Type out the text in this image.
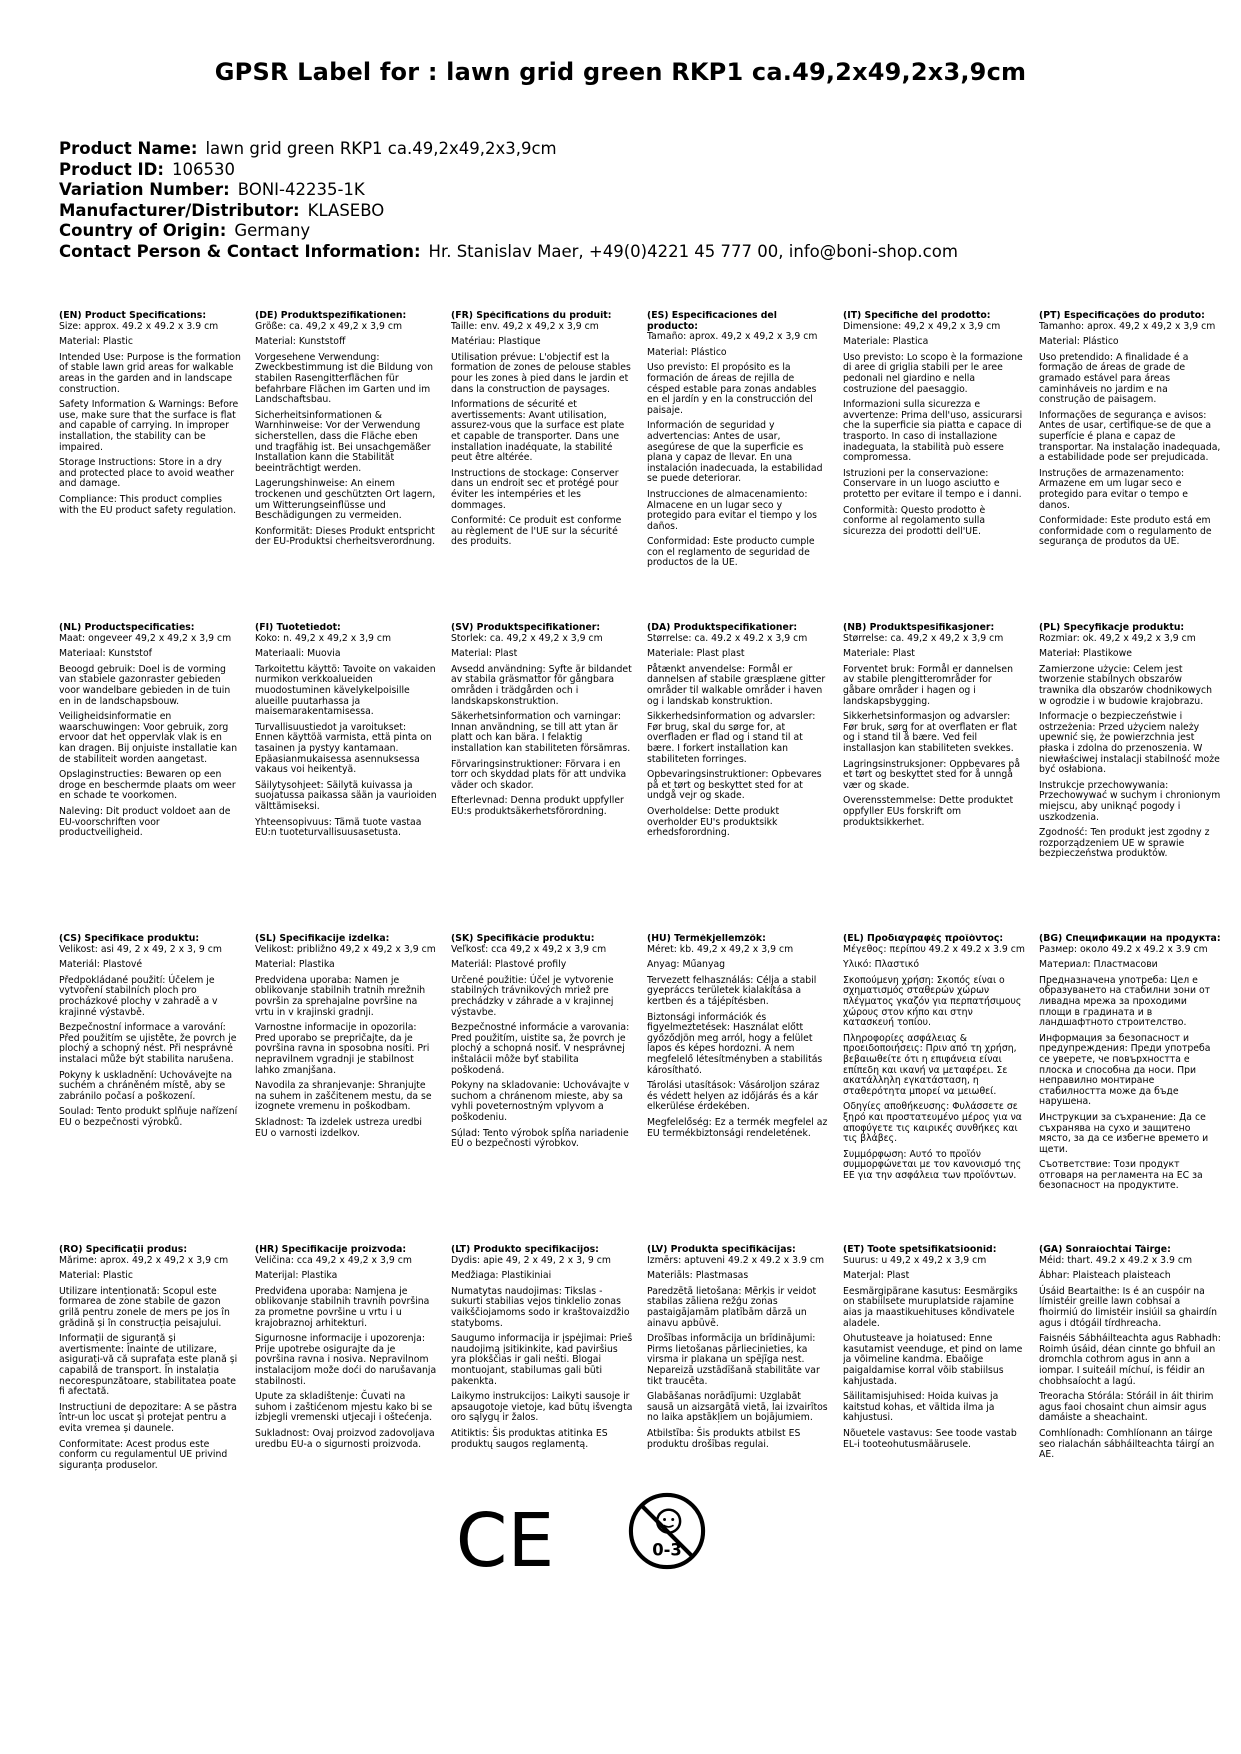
GPSR Label for : lawn grid green RKP1 ca.49,2x49,2x3,9cm
Product Name: lawn grid green RKP1 ca.49,2x49,2x3,9cm
Product ID: 106530
Variation Number: BONI-42235-1K
Manufacturer/Distributor: KLASEBO
Country of Origin: Germany
Contact Person & Contact Information: Hr. Stanislav Maer, +49(0)4221 45 777 00, info@boni-shop.com
(EN) Product Specifications:

Size: approx. 49.2 x 49.2 x 3.9 cm

Material: Plastic

Intended Use: Purpose is the formation of stable lawn grid areas for walkable areas in the garden and in landscape construction.

Safety Information & Warnings: Before use, make sure that the surface is flat and capable of carrying. In improper installation, the stability can be impaired.

Storage Instructions: Store in a dry and protected place to avoid weather and damage.

Compliance: This product complies with the EU product safety regulation.

(DE) Produktspezifikationen:

Größe: ca. 49,2 x 49,2 x 3,9 cm

Material: Kunststoff

Vorgesehene Verwendung: Zweckbestimmung ist die Bildung von stabilen Rasengitterflächen für befahrbare Flächen im Garten und im Landschaftsbau.

Sicherheitsinformationen & Warnhinweise: Vor der Verwendung sicherstellen, dass die Fläche eben und tragfähig ist. Bei unsachgemäßer Installation kann die Stabilität beeinträchtigt werden.

Lagerungshinweise: An einem trockenen und geschützten Ort lagern, um Witterungseinflüsse und Beschädigungen zu vermeiden.

Konformität: Dieses Produkt entspricht der EU-Produktsi cherheitsverordnung.

(FR) Spécifications du produit:

Taille: env. 49,2 x 49,2 x 3,9 cm

Matériau: Plastique

Utilisation prévue: L'objectif est la formation de zones de pelouse stables pour les zones à pied dans le jardin et dans la construction de paysages.

Informations de sécurité et avertissements: Avant utilisation, assurez-vous que la surface est plate et capable de transporter. Dans une installation inadéquate, la stabilité peut être altérée.

Instructions de stockage: Conserver dans un endroit sec et protégé pour éviter les intempéries et les dommages.

Conformité: Ce produit est conforme au règlement de l'UE sur la sécurité des produits.

(ES) Especificaciones del producto:

Tamaño: aprox. 49,2 x 49,2 x 3,9 cm

Material: Plástico

Uso previsto: El propósito es la formación de áreas de rejilla de césped estable para zonas andables en el jardín y en la construcción del paisaje.

Información de seguridad y advertencias: Antes de usar, asegúrese de que la superficie es plana y capaz de llevar. En una instalación inadecuada, la estabilidad se puede deteriorar.

Instrucciones de almacenamiento: Almacene en un lugar seco y protegido para evitar el tiempo y los daños.

Conformidad: Este producto cumple con el reglamento de seguridad de productos de la UE.

(IT) Specifiche del prodotto:

Dimensione: 49,2 x 49,2 x 3,9 cm

Materiale: Plastica

Uso previsto: Lo scopo è la formazione di aree di griglia stabili per le aree pedonali nel giardino e nella costruzione del paesaggio.

Informazioni sulla sicurezza e avvertenze: Prima dell'uso, assicurarsi che la superficie sia piatta e capace di trasporto. In caso di installazione inadeguata, la stabilità può essere compromessa.

Istruzioni per la conservazione: Conservare in un luogo asciutto e protetto per evitare il tempo e i danni.

Conformità: Questo prodotto è conforme al regolamento sulla sicurezza dei prodotti dell'UE.

(PT) Especificações do produto:

Tamanho: aprox. 49,2 x 49,2 x 3,9 cm

Material: Plástico

Uso pretendido: A finalidade é a formação de áreas de grade de gramado estável para áreas caminháveis no jardim e na construção de paisagem.

Informações de segurança e avisos: Antes de usar, certifique-se de que a superfície é plana e capaz de transportar. Na instalação inadequada, a estabilidade pode ser prejudicada.

Instruções de armazenamento: Armazene em um lugar seco e protegido para evitar o tempo e danos.

Conformidade: Este produto está em conformidade com o regulamento de segurança de produtos da UE.

(NL) Productspecificaties:

Maat: ongeveer 49,2 x 49,2 x 3,9 cm

Materiaal: Kunststof

Beoogd gebruik: Doel is de vorming van stabiele gazonraster gebieden voor wandelbare gebieden in de tuin en in de landschapsbouw.

Veiligheidsinformatie en waarschuwingen: Voor gebruik, zorg ervoor dat het oppervlak vlak is en kan dragen. Bij onjuiste installatie kan de stabiliteit worden aangetast.

Opslaginstructies: Bewaren op een droge en beschermde plaats om weer en schade te voorkomen.

Naleving: Dit product voldoet aan de EU-voorschriften voor productveiligheid.

(FI) Tuotetiedot:

Koko: n. 49,2 x 49,2 x 3,9 cm

Materiaali: Muovia

Tarkoitettu käyttö: Tavoite on vakaiden nurmikon verkkoalueiden muodostuminen kävelykelpoisille alueille puutarhassa ja maisemarakentamisessa.

Turvallisuustiedot ja varoitukset: Ennen käyttöä varmista, että pinta on tasainen ja pystyy kantamaan. Epäasianmukaisessa asennuksessa vakaus voi heikentyä.

Säilytysohjeet: Säilytä kuivassa ja suojatussa paikassa sään ja vaurioiden välttämiseksi.

Yhteensopivuus: Tämä tuote vastaa EU:n tuoteturvallisuusasetusta.

(SV) Produktspecifikationer:

Storlek: ca. 49,2 x 49,2 x 3,9 cm

Material: Plast

Avsedd användning: Syfte är bildandet av stabila gräsmattor för gångbara områden i trädgården och i landskapskonstruktion.

Säkerhetsinformation och varningar: Innan användning, se till att ytan är platt och kan bära. I felaktig installation kan stabiliteten försämras.

Förvaringsinstruktioner: Förvara i en torr och skyddad plats för att undvika väder och skador.

Efterlevnad: Denna produkt uppfyller EU:s produktsäkerhetsförordning.

(DA) Produktspecifikationer:

Størrelse: ca. 49.2 x 49.2 x 3,9 cm

Materiale: Plast plast

Påtænkt anvendelse: Formål er dannelsen af stabile græsplæne gitter områder til walkable områder i haven og i landskab konstruktion.

Sikkerhedsinformation og advarsler: Før brug, skal du sørge for, at overfladen er flad og i stand til at bære. I forkert installation kan stabiliteten forringes.

Opbevaringsinstruktioner: Opbevares på et tørt og beskyttet sted for at undgå vejr og skade.

Overholdelse: Dette produkt overholder EU's produktsikk erhedsforordning.

(NB) Produktspesifikasjoner:

Størrelse: ca. 49,2 x 49,2 x 3,9 cm

Materiale: Plast

Forventet bruk: Formål er dannelsen av stabile plengitterområder for gåbare områder i hagen og i landskapsbygging.

Sikkerhetsinformasjon og advarsler: Før bruk, sørg for at overflaten er flat og i stand til å bære. Ved feil installasjon kan stabiliteten svekkes.

Lagringsinstruksjoner: Oppbevares på et tørt og beskyttet sted for å unngå vær og skade.

Overensstemmelse: Dette produktet oppfyller EUs forskrift om produktsikkerhet.

(PL) Specyfikacje produktu:

Rozmiar: ok. 49,2 x 49,2 x 3,9 cm

Materiał: Plastikowe

Zamierzone użycie: Celem jest tworzenie stabilnych obszarów trawnika dla obszarów chodnikowych w ogrodzie i w budowie krajobrazu.

Informacje o bezpieczeństwie i ostrzeżenia: Przed użyciem należy upewnić się, że powierzchnia jest płaska i zdolna do przenoszenia. W niewłaściwej instalacji stabilność może być osłabiona.

Instrukcje przechowywania: Przechowywać w suchym i chronionym miejscu, aby uniknąć pogody i uszkodzenia.

Zgodność: Ten produkt jest zgodny z rozporządzeniem UE w sprawie bezpieczeństwa produktów.

(CS) Specifikace produktu:

Velikost: asi 49, 2 x 49, 2 x 3, 9 cm

Materiál: Plastové

Předpokládané použití: Účelem je vytvoření stabilních ploch pro procházkové plochy v zahradě a v krajinné výstavbě.

Bezpečnostní informace a varování: Před použitím se ujistěte, že povrch je plochý a schopný nést. Při nesprávné instalaci může být stabilita narušena.

Pokyny k uskladnění: Uchovávejte na suchém a chráněném místě, aby se zabránilo počasí a poškození.

Soulad: Tento produkt splňuje nařízení EU o bezpečnosti výrobků.

(SL) Specifikacije izdelka:

Velikost: približno 49,2 x 49,2 x 3,9 cm

Material: Plastika

Predvidena uporaba: Namen je oblikovanje stabilnih tratnih mrežnih površin za sprehajalne površine na vrtu in v krajinski gradnji.

Varnostne informacije in opozorila: Pred uporabo se prepričajte, da je površina ravna in sposobna nositi. Pri nepravilnem vgradnji je stabilnost lahko zmanjšana.

Navodila za shranjevanje: Shranjujte na suhem in zaščitenem mestu, da se izognete vremenu in poškodbam.

Skladnost: Ta izdelek ustreza uredbi EU o varnosti izdelkov.

(SK) Špecifikácie produktu:

Veľkosť: cca 49,2 x 49,2 x 3,9 cm

Materiál: Plastové profily

Určené použitie: Účel je vytvorenie stabilných trávnikových mriež pre prechádzky v záhrade a v krajinnej výstavbe.

Bezpečnostné informácie a varovania: Pred použitím, uistite sa, že povrch je plochý a schopná nosiť. V nesprávnej inštalácii môže byť stabilita poškodená.

Pokyny na skladovanie: Uchovávajte v suchom a chránenom mieste, aby sa vyhli poveternostným vplyvom a poškodeniu.

Súlad: Tento výrobok spĺňa nariadenie EÚ o bezpečnosti výrobkov.

(HU) Termékjellemzők:

Méret: kb. 49,2 x 49,2 x 3,9 cm

Anyag: Műanyag

Tervezett felhasználás: Célja a stabil gyepráccs területek kialakítása a kertben és a tájépítésben.

Biztonsági információk és figyelmeztetések: Használat előtt győződjön meg arról, hogy a felület lapos és képes hordozni. A nem megfelelő létesítményben a stabilitás károsítható.

Tárolási utasítások: Vásároljon száraz és védett helyen az időjárás és a kár elkerülése érdekében.

Megfelelőség: Ez a termék megfelel az EU termékbiztonsági rendeletének.

(EL) Προδιαγραφές προϊόντος:

Μέγεθος: περίπου 49.2 x 49.2 x 3.9 cm

Υλικό: Πλαστικό

Σκοπούμενη χρήση: Σκοπός είναι ο σχηματισμός σταθερών χώρων πλέγματος γκαζόν για περπατήσιμους χώρους στον κήπο και στην κατασκευή τοπίου.

Πληροφορίες ασφάλειας & προειδοποιήσεις: Πριν από τη χρήση, βεβαιωθείτε ότι η επιφάνεια είναι επίπεδη και ικανή να μεταφέρει. Σε ακατάλληλη εγκατάσταση, η σταθερότητα μπορεί να μειωθεί.

Οδηγίες αποθήκευσης: Φυλάσσετε σε ξηρό και προστατευμένο μέρος για να αποφύγετε τις καιρικές συνθήκες και τις βλάβες.

Συμμόρφωση: Αυτό το προϊόν συμμορφώνεται με τον κανονισμό της ΕΕ για την ασφάλεια των προϊόντων.

(BG) Спецификации на продукта:

Размер: около 49.2 x 49.2 x 3.9 cm

Материал: Пластмасови

Предназначена употреба: Цел е образуването на стабилни зони от ливадна мрежа за проходими площи в градината и в ландшафтното строителство.

Информация за безопасност и предупреждения: Преди употреба се уверете, че повърхността е плоска и способна да носи. При неправилно монтиране стабилността може да бъде нарушена.

Инструкции за съхранение: Да се съхранява на сухо и защитено място, за да се избегне времето и щети.

Съответствие: Този продукт отговаря на регламента на ЕС за безопасност на продуктите.

(RO) Specificații produs:

Mărime: aprox. 49,2 x 49,2 x 3,9 cm

Material: Plastic

Utilizare intenționată: Scopul este formarea de zone stabile de gazon grilă pentru zonele de mers pe jos în grădină și în construcția peisajului.

Informații de siguranță și avertismente: Înainte de utilizare, asigurați-vă că suprafața este plană și capabilă de transport. În instalația necorespunzătoare, stabilitatea poate fi afectată.

Instrucțiuni de depozitare: A se păstra într-un loc uscat și protejat pentru a evita vremea și daunele.

Conformitate: Acest produs este conform cu regulamentul UE privind siguranța produselor.

(HR) Specifikacije proizvoda:

Veličina: cca 49,2 x 49,2 x 3,9 cm

Materijal: Plastika

Predviđena uporaba: Namjena je oblikovanje stabilnih travnih površina za prometne površine u vrtu i u krajobraznoj arhitekturi.

Sigurnosne informacije i upozorenja: Prije upotrebe osigurajte da je površina ravna i nosiva. Nepravilnom instalacijom može doći do narušavanja stabilnosti.

Upute za skladištenje: Čuvati na suhom i zaštićenom mjestu kako bi se izbjegli vremenski utjecaji i oštećenja.

Sukladnost: Ovaj proizvod zadovoljava uredbu EU-a o sigurnosti proizvoda.

(LT) Produkto specifikacijos:

Dydis: apie 49, 2 x 49, 2 x 3, 9 cm

Medžiaga: Plastikiniai

Numatytas naudojimas: Tikslas - sukurti stabilias vejos tinklelio zonas vaikščiojamoms sodo ir kraštovaizdžio statyboms.

Saugumo informacija ir įspėjimai: Prieš naudojimą įsitikinkite, kad paviršius yra plokščias ir gali nešti. Blogai montuojant, stabilumas gali būti pakenkta.

Laikymo instrukcijos: Laikyti sausoje ir apsaugotoje vietoje, kad būtų išvengta oro sąlygų ir žalos.

Atitiktis: Šis produktas atitinka ES produktų saugos reglamentą.

(LV) Produkta specifikācijas:

Izmērs: aptuveni 49.2 x 49.2 x 3.9 cm

Materiāls: Plastmasas

Paredzētā lietošana: Mērķis ir veidot stabilas zālienа režģu zonas pastaigājamām platībām dārzā un ainavu apbūvē.

Drošības informācija un brīdinājumi: Pirms lietošanas pārliecinieties, ka virsma ir plakana un spējīga nest. Nepareizā uzstādīšanā stabilitāte var tikt traucēta.

Glabāšanas norādījumi: Uzglabāt sausā un aizsargātā vietā, lai izvairītos no laika apstākļiem un bojājumiem.

Atbilstība: Šis produkts atbilst ES produktu drošības regulai.

(ET) Toote spetsifikatsioonid:

Suurus: u 49,2 x 49,2 x 3,9 cm

Materjal: Plast

Eesmärgipärane kasutus: Eesmärgiks on stabiilsete muruplatside rajamine aias ja maastikuehituses kõndivatele aladele.

Ohutusteave ja hoiatused: Enne kasutamist veenduge, et pind on lame ja võimeline kandma. Ebaõige paigaldamise korral võib stabiilsus kahjustada.

Säilitamisjuhised: Hoida kuivas ja kaitstud kohas, et vältida ilma ja kahjustusi.

Nõuetele vastavus: See toode vastab EL-i tooteohutusmäärusele.

(GA) Sonraíochtaí Táirge:

Méid: thart. 49.2 x 49.2 x 3.9 cm

Ábhar: Plaisteach plaisteach

Úsáid Beartaithe: Is é an cuspóir na límistéir greille lawn cobhsaí a fhoirmiú do limistéir insiúil sa ghairdín agus i dtógáil tírdhreacha.

Faisnéis Sábháilteachta agus Rabhadh: Roimh úsáid, déan cinnte go bhfuil an dromchla cothrom agus in ann a iompar. I suiteáil míchuí, is féidir an chobhsaíocht a lagú.

Treoracha Stórála: Stóráil in áit thirim agus faoi chosaint chun aimsir agus damáiste a sheachaint.

Comhlíonadh: Comhlíonann an táirge seo rialachán sábháilteachta táirgí an AE.

CE	0-3
